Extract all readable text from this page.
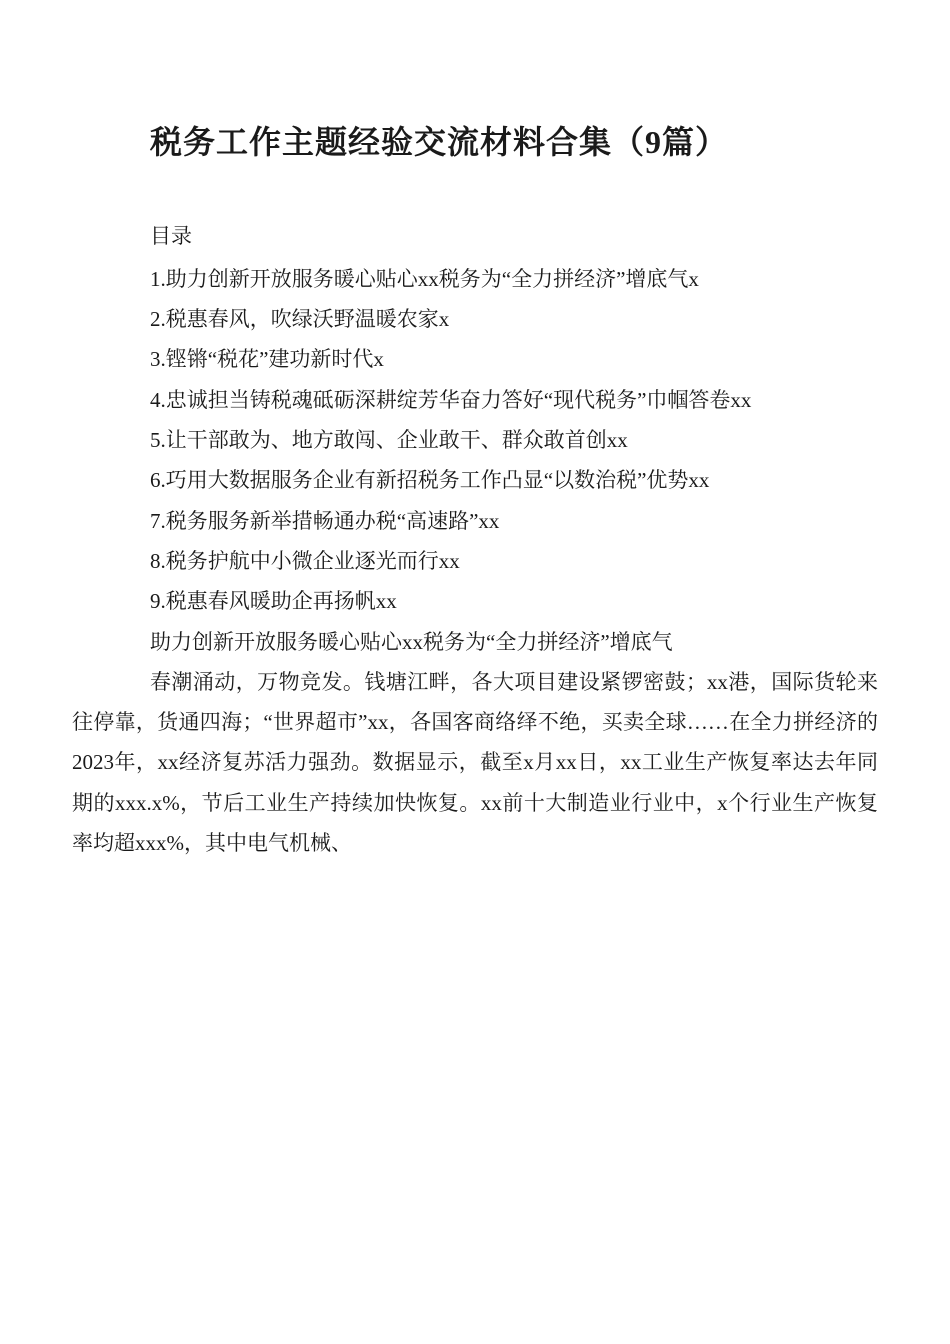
税务工作主题经验交流材料合集（9篇）
目录
1.助力创新开放服务暖心贴心xx税务为“全力拼经济”增底气x
2.税惠春风，吹绿沃野温暖农家x
3.铿锵“税花”建功新时代x
4.忠诚担当铸税魂砥砺深耕绽芳华奋力答好“现代税务”巾帼答卷xx
5.让干部敢为、地方敢闯、企业敢干、群众敢首创xx
6.巧用大数据服务企业有新招税务工作凸显“以数治税”优势xx
7.税务服务新举措畅通办税“高速路”xx
8.税务护航中小微企业逐光而行xx
9.税惠春风暖助企再扬帆xx

助力创新开放服务暖心贴心xx税务为“全力拼经济”增底气

春潮涌动，万物竞发。钱塘江畔，各大项目建设紧锣密鼓；xx港，国际货轮来往停靠，货通四海；“世界超市”xx，各国客商络绎不绝，买卖全球……在全力拼经济的2023年，xx经济复苏活力强劲。数据显示，截至x月xx日，xx工业生产恢复率达去年同期的xxx.x%，节后工业生产持续加快恢复。xx前十大制造业行业中，x个行业生产恢复率均超xxx%，其中电气机械、
